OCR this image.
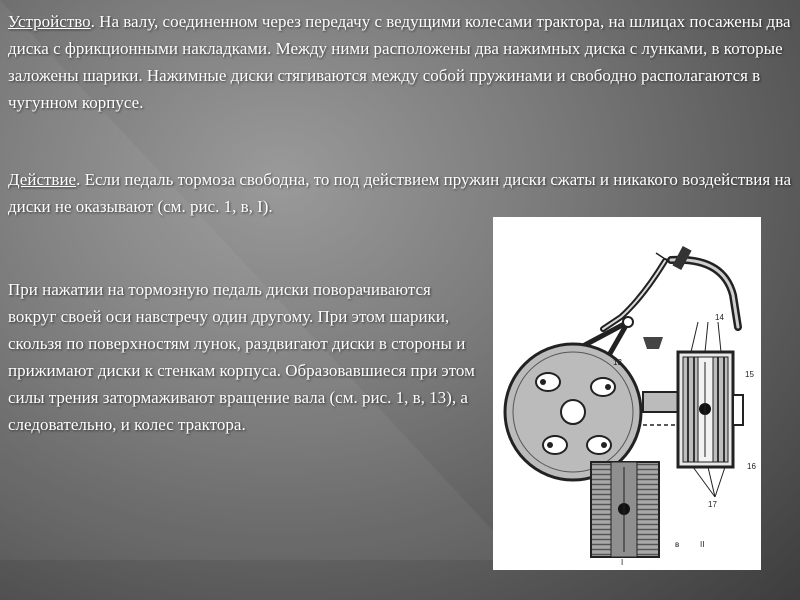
Устройство. На валу, соединенном через передачу с ведущими колесами трактора, на шлицах посажены два диска с фрикционными накладками. Между ними расположены два нажимных диска с лунками, в которые заложены шарики. Нажимные диски стягиваются между собой пружинами и свободно располагаются в чугунном корпусе.
Действие. Если педаль тормоза свободна, то под действием пружин диски сжаты и никакого воздействия на диски не оказывают (см. рис. 1, в, I).
При нажатии на тормозную педаль диски поворачиваются вокруг своей оси навстречу один другому. При этом шарики, скользя по поверхностям лунок, раздвигают диски в стороны и прижимают диски к стенкам корпуса. Образовавшиеся при этом силы трения затормаживают вращение вала (см. рис. 1, в, 13), а следовательно, и колес трактора.
13
14
15
16
17
I
II
в
